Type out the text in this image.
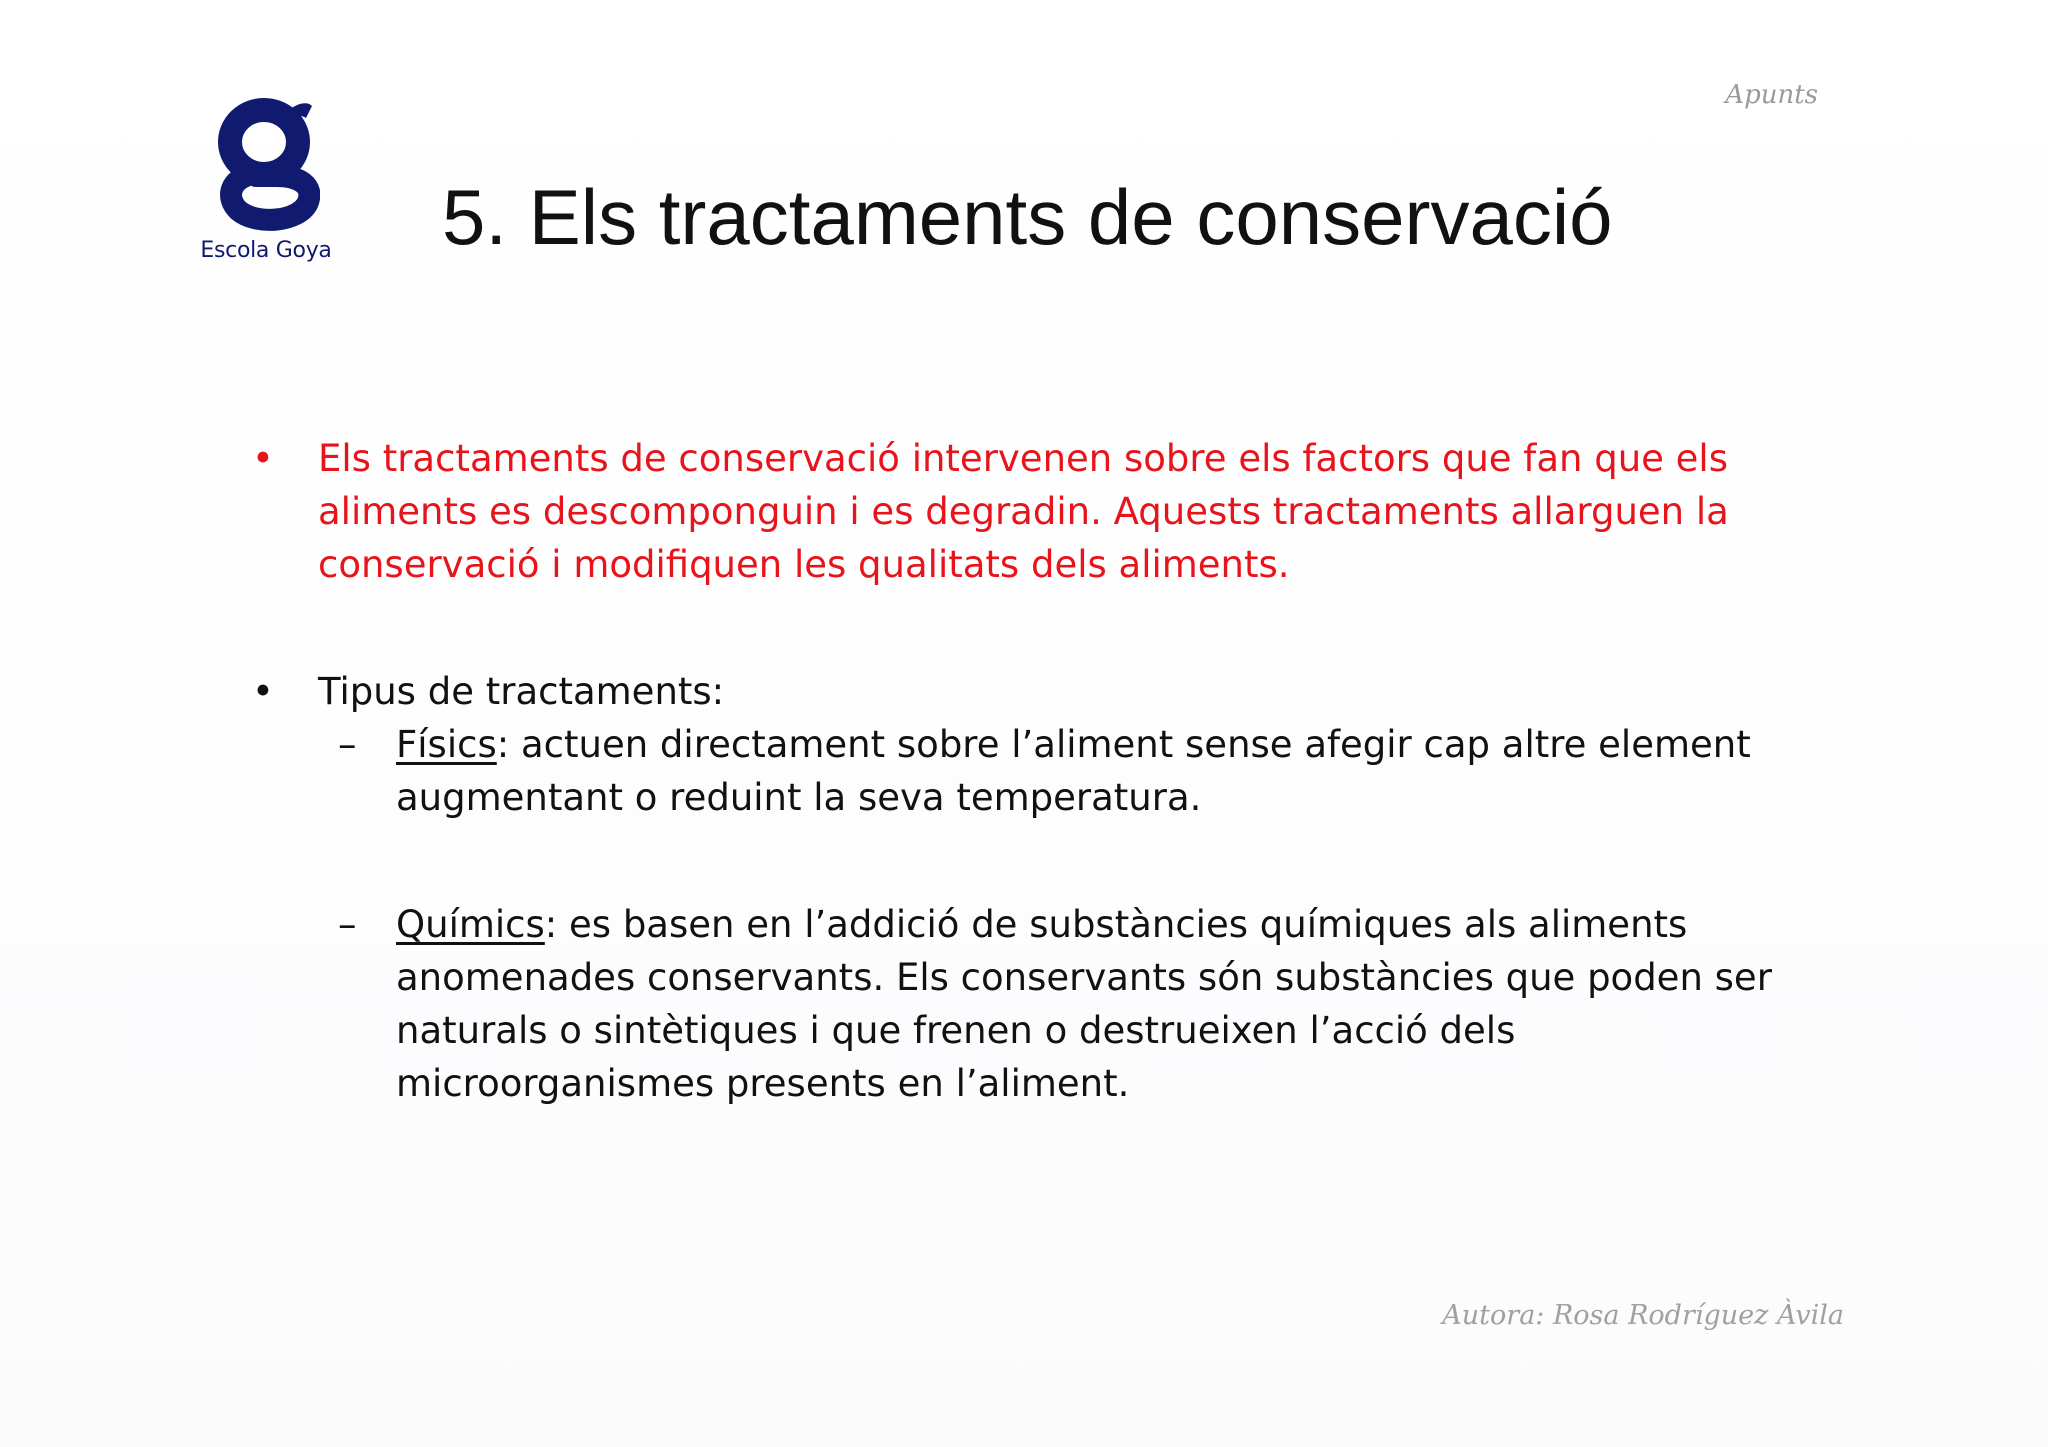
Escola Goya
Apunts
5. Els tractaments de conservació
• Els tractaments de conservació intervenen sobre els factors que fan que els aliments es descomponguin i es degradin. Aquests tractaments allarguen la conservació i modifiquen les qualitats dels aliments.
• Tipus de tractaments:
– Físics: actuen directament sobre l’aliment sense afegir cap altre element augmentant o reduint la seva temperatura.
– Químics: es basen en l’addició de substàncies químiques als aliments anomenades conservants. Els conservants són substàncies que poden ser naturals o sintètiques i que frenen o destrueixen l’acció dels microorganismes presents en l’aliment.
Autora: Rosa Rodríguez Àvila
